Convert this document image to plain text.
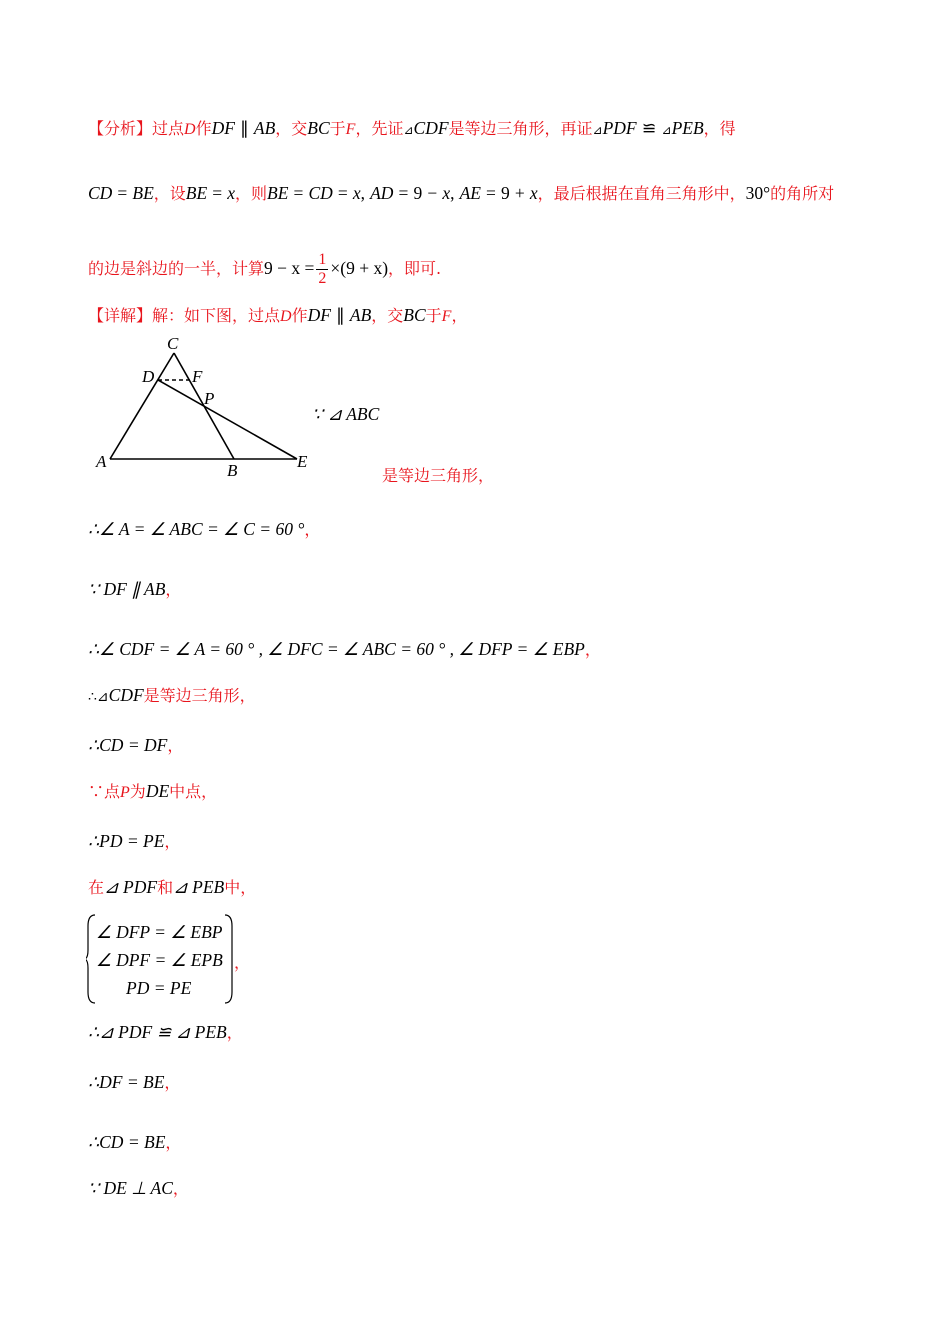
【分析】过点D作DF ∥ AB，交BC于F，先证⊿CDF是等边三角形，再证⊿PDF ≌ ⊿PEB，得
CD = BE，设BE = x，则BE = CD = x, AD = 9 − x, AE = 9 + x，最后根据在直角三角形中，30°的角所对
的边是斜边的一半，计算$9 - x = \frac{1}{2} \times(9 + x)$，即可.
【详解】解：如下图，过点D作DF ∥ AB，交BC于F，
C
D F
P
A	B	E
∵ ⊿ ABC
是等边三角形，
∴∠ A = ∠ ABC = ∠ C = 60 °，
∵ DF ∥ AB，
∴∠ CDF = ∠ A = 60 ° , ∠ DFC = ∠ ABC = 60 ° , ∠ DFP = ∠ EBP，
∴⊿CDF是等边三角形，
∴CD = DF，
∵点P为DE中点，
∴PD = PE，
在⊿ PDF和⊿ PEB中，
∠ DFP = ∠ EBP
∠ DPF = ∠ EPB
PD = PE
，
∴⊿ PDF ≌ ⊿ PEB，
∴DF = BE，
∴CD = BE，
∵ DE ⊥ AC，
